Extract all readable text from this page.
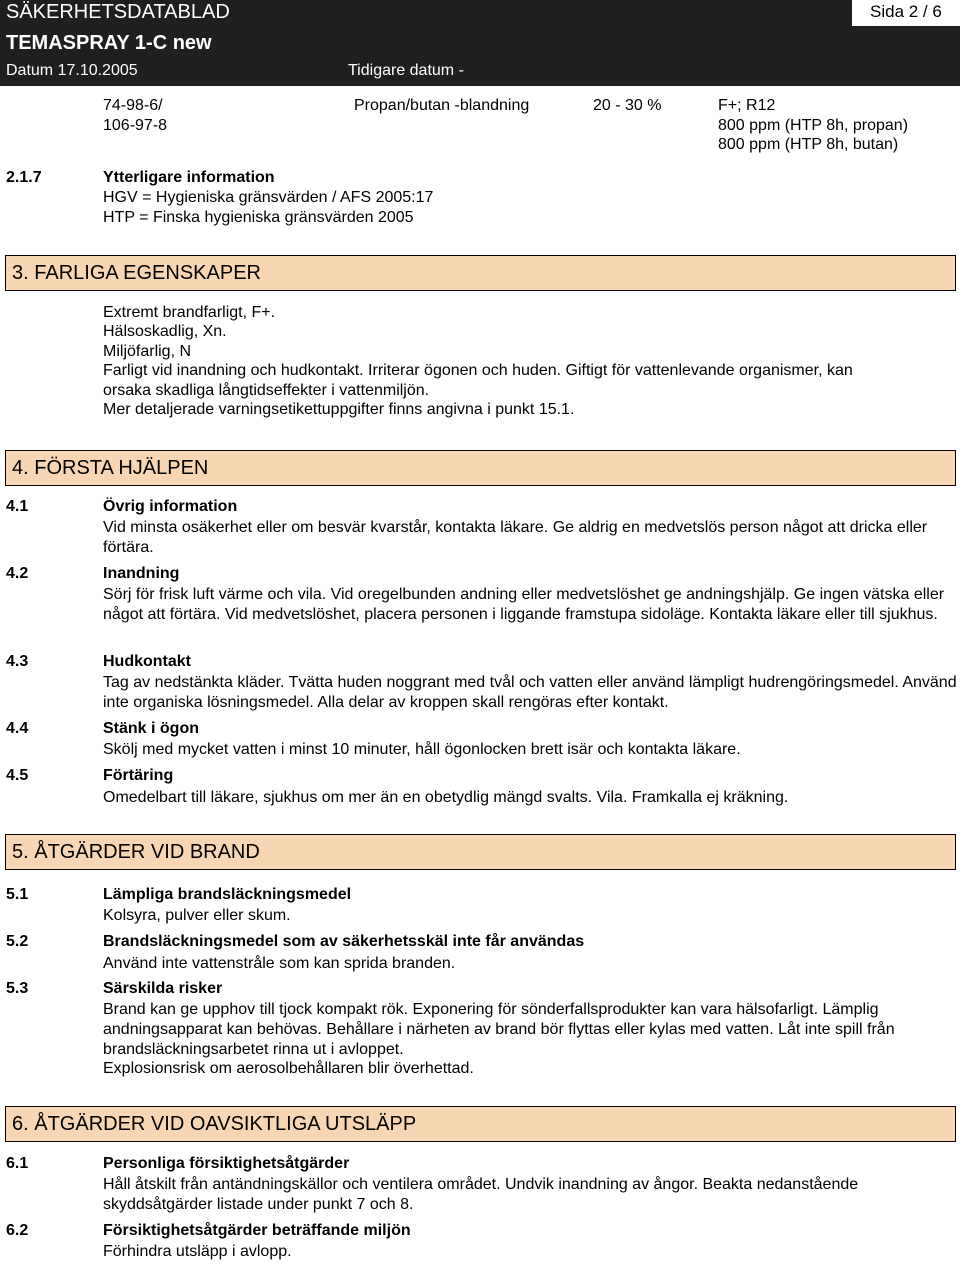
SÄKERHETSDATABLAD
TEMASPRAY 1-C new
Datum 17.10.2005	Tidigare datum -
Sida 2 / 6
74-98-6/
106-97-8
Propan/butan -blandning	20 - 30 %	F+; R12
800 ppm (HTP 8h, propan)
800 ppm (HTP 8h, butan)
2.1.7	Ytterligare information
HGV = Hygieniska gränsvärden / AFS 2005:17
HTP = Finska hygieniska gränsvärden 2005
3. FARLIGA EGENSKAPER
Extremt brandfarligt, F+.
Hälsoskadlig, Xn.
Miljöfarlig, N
Farligt vid inandning och hudkontakt. Irriterar ögonen och huden. Giftigt för vattenlevande organismer, kan
orsaka skadliga långtidseffekter i vattenmiljön.
Mer detaljerade varningsetikettuppgifter finns angivna i punkt 15.1.
4. FÖRSTA HJÄLPEN
4.1	Övrig information
Vid minsta osäkerhet eller om besvär kvarstår, kontakta läkare. Ge aldrig en medvetslös person något att dricka eller förtära.
4.2	Inandning
Sörj för frisk luft värme och vila. Vid oregelbunden andning eller medvetslöshet ge andningshjälp. Ge ingen vätska eller något att förtära. Vid medvetslöshet, placera personen i liggande framstupa sidoläge. Kontakta läkare eller till sjukhus.
4.3	Hudkontakt
Tag av nedstänkta kläder. Tvätta huden noggrant med tvål och vatten eller använd lämpligt hudrengöringsmedel. Använd inte organiska lösningsmedel. Alla delar av kroppen skall rengöras efter kontakt.
4.4	Stänk i ögon
Skölj med mycket vatten i minst 10 minuter, håll ögonlocken brett isär och kontakta läkare.
4.5	Förtäring
Omedelbart till läkare, sjukhus om mer än en obetydlig mängd svalts. Vila. Framkalla ej kräkning.
5. ÅTGÄRDER VID BRAND
5.1	Lämpliga brandsläckningsmedel
Kolsyra, pulver eller skum.
5.2	Brandsläckningsmedel som av säkerhetsskäl inte får användas
Använd inte vattenstråle som kan sprida branden.
5.3	Särskilda risker
Brand kan ge upphov till tjock kompakt rök. Exponering för sönderfallsprodukter kan vara hälsofarligt. Lämplig andningsapparat kan behövas. Behållare i närheten av brand bör flyttas eller kylas med vatten. Låt inte spill från brandsläckningsarbetet rinna ut i avloppet.
Explosionsrisk om aerosolbehållaren blir överhettad.
6. ÅTGÄRDER VID OAVSIKTLIGA UTSLÄPP
6.1	Personliga försiktighetsåtgärder
Håll åtskilt från antändningskällor och ventilera området. Undvik inandning av ångor. Beakta nedanstående skyddsåtgärder listade under punkt 7 och 8.
6.2	Försiktighetsåtgärder beträffande miljön
Förhindra utsläpp i avlopp.
